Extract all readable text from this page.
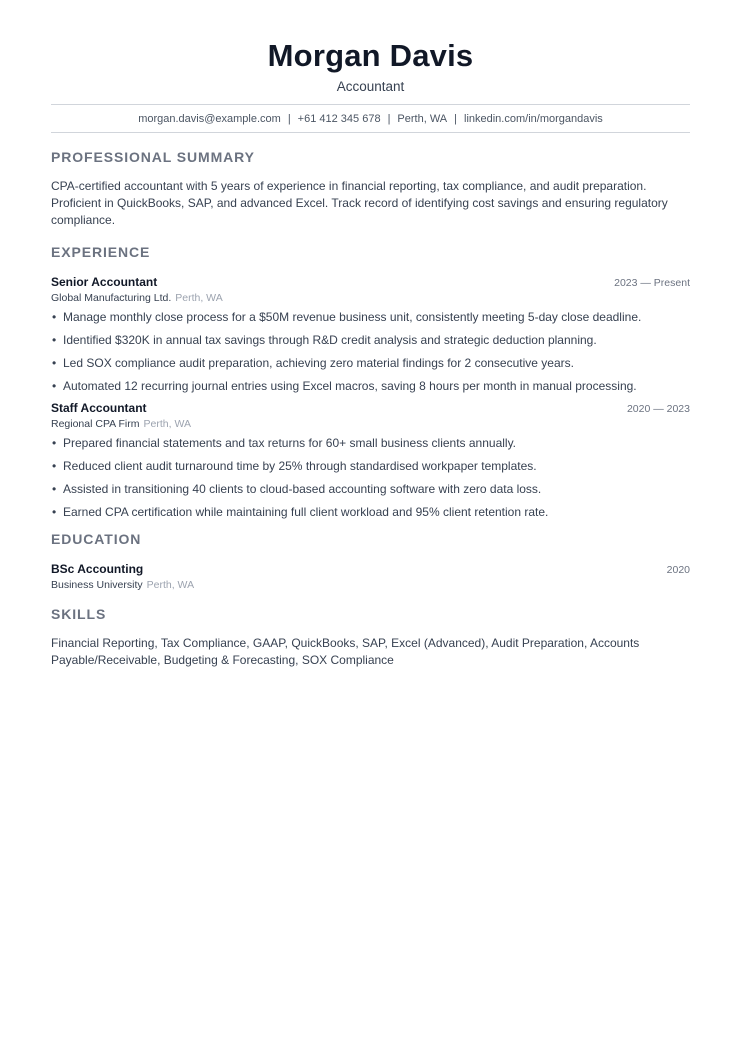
Morgan Davis
Accountant
morgan.davis@example.com | +61 412 345 678 | Perth, WA | linkedin.com/in/morgandavis
PROFESSIONAL SUMMARY
CPA-certified accountant with 5 years of experience in financial reporting, tax compliance, and audit preparation. Proficient in QuickBooks, SAP, and advanced Excel. Track record of identifying cost savings and ensuring regulatory compliance.
EXPERIENCE
Senior Accountant	2023 — Present
Global Manufacturing Ltd. Perth, WA
• Manage monthly close process for a $50M revenue business unit, consistently meeting 5-day close deadline.
• Identified $320K in annual tax savings through R&D credit analysis and strategic deduction planning.
• Led SOX compliance audit preparation, achieving zero material findings for 2 consecutive years.
• Automated 12 recurring journal entries using Excel macros, saving 8 hours per month in manual processing.
Staff Accountant	2020 — 2023
Regional CPA Firm Perth, WA
• Prepared financial statements and tax returns for 60+ small business clients annually.
• Reduced client audit turnaround time by 25% through standardised workpaper templates.
• Assisted in transitioning 40 clients to cloud-based accounting software with zero data loss.
• Earned CPA certification while maintaining full client workload and 95% client retention rate.
EDUCATION
BSc Accounting	2020
Business University Perth, WA
SKILLS
Financial Reporting, Tax Compliance, GAAP, QuickBooks, SAP, Excel (Advanced), Audit Preparation, Accounts Payable/Receivable, Budgeting & Forecasting, SOX Compliance
